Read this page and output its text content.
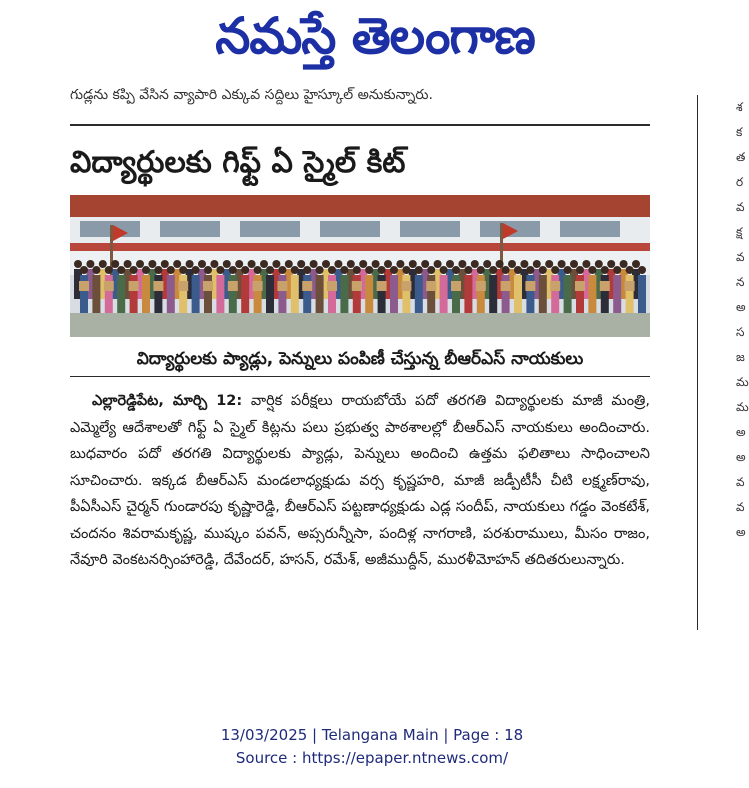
నమస్తే తెలంగాణ
గుడ్లను కప్పి వేసిన వ్యాపారి ఎక్కువ సద్దిలు హైస్కూల్ అనుకున్నారు.
విద్యార్థులకు గిఫ్ట్ ఏ స్మైల్ కిట్
విద్యార్థులకు ప్యాడ్లు, పెన్నులు పంపిణీ చేస్తున్న బీఆర్ఎస్ నాయకులు
ఎల్లారెడ్డిపేట, మార్చి 12: వార్షిక పరీక్షలు రాయబోయే పదో తరగతి విద్యార్థులకు మాజీ మంత్రి, ఎమ్మెల్యే ఆదేశాలతో గిఫ్ట్ ఏ స్మైల్ కిట్లను పలు ప్రభుత్వ పాఠశాలల్లో బీఆర్ఎస్ నాయకులు అందించారు. బుధవారం పదో తరగతి విద్యార్థులకు ప్యాడ్లు, పెన్నులు అందించి ఉత్తమ ఫలితాలు సాధించాలని సూచించారు. ఇక్కడ బీఆర్ఎస్ మండలాధ్యక్షుడు వర్స కృష్ణహరి, మాజీ జడ్పీటీసీ చీటి లక్ష్మణ్‌రావు, పీఏసీఎస్ చైర్మన్ గుండారపు కృష్ణారెడ్డి, బీఆర్ఎస్ పట్టణాధ్యక్షుడు ఎడ్ల సందీప్, నాయకులు గడ్డం వెంకటేశ్, చందనం శివరామకృష్ణ, ముష్కం పవన్, అప్సరున్నీసా, పందిళ్ల నాగరాణి, పరశురాములు, మీసం రాజం, నేవూరి వెంకటనర్సింహారెడ్డి, దేవేందర్, హసన్, రమేశ్, అజీముద్దీన్, మురళీమోహన్ తదితరులున్నారు.
శ
క
త
ర
వ
క్ష
వ
న
అ
స
జ
మ
మ
అ
అ
వ
వ
అ
13/03/2025 | Telangana Main | Page : 18
Source : https://epaper.ntnews.com/
